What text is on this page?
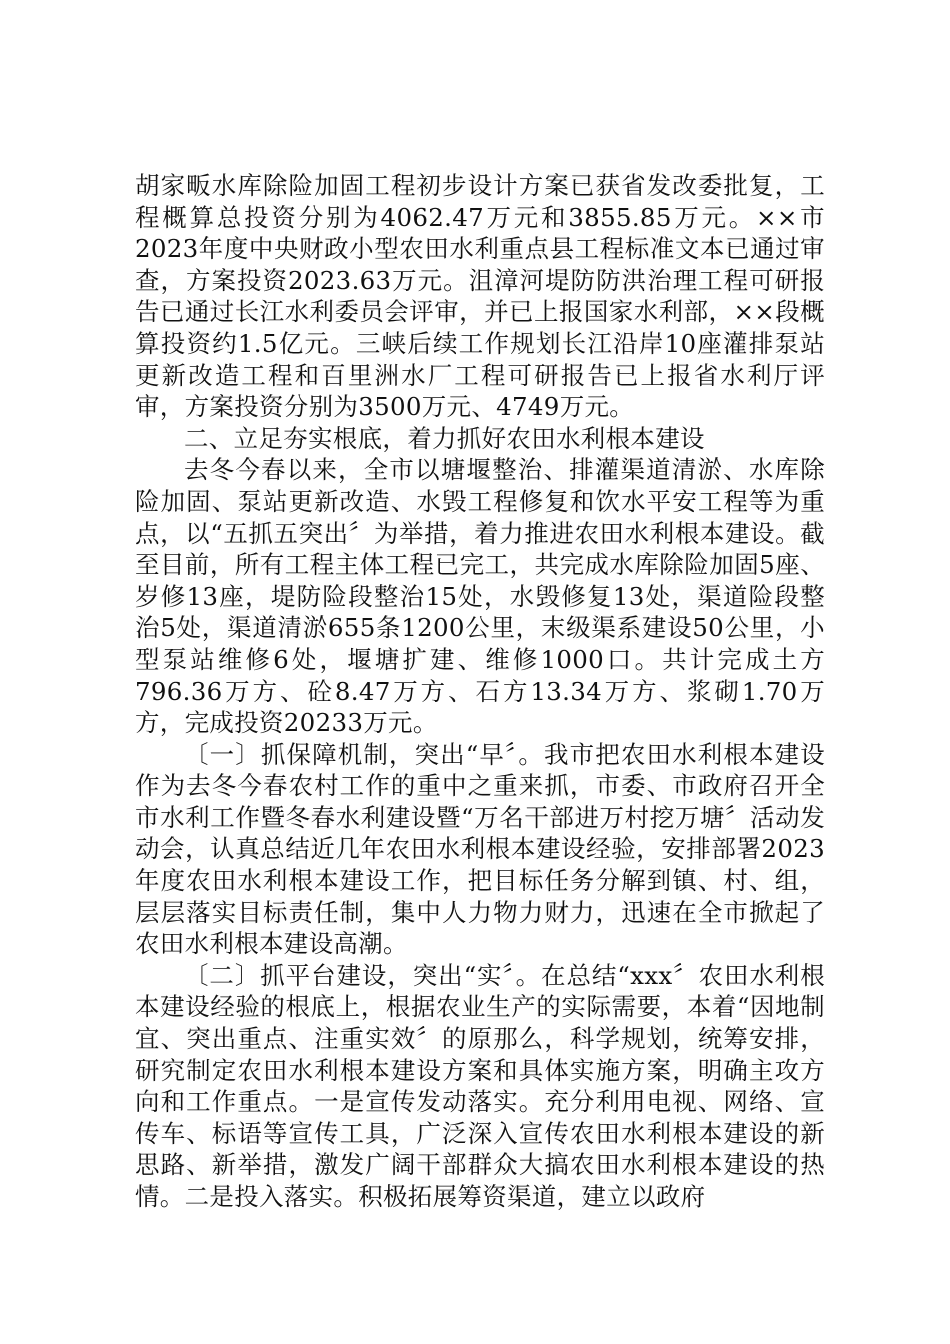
胡家畈水库除险加固工程初步设计方案已获省发改委批复，工程概算总投资分别为4062.47万元和3855.85万元。××市2023年度中央财政小型农田水利重点县工程标准文本已通过审查，方案投资2023.63万元。沮漳河堤防防洪治理工程可研报告已通过长江水利委员会评审，并已上报国家水利部，××段概算投资约1.5亿元。三峡后续工作规划长江沿岸10座灌排泵站更新改造工程和百里洲水厂工程可研报告已上报省水利厅评审，方案投资分别为3500万元、4749万元。

二、立足夯实根底，着力抓好农田水利根本建设

去冬今春以来，全市以塘堰整治、排灌渠道清淤、水库除险加固、泵站更新改造、水毁工程修复和饮水平安工程等为重点，以“五抓五突出〞为举措，着力推进农田水利根本建设。截至目前，所有工程主体工程已完工，共完成水库除险加固5座、岁修13座，堤防险段整治15处，水毁修复13处，渠道险段整治5处，渠道清淤655条1200公里，末级渠系建设50公里，小型泵站维修6处，堰塘扩建、维修1000口。共计完成土方796.36万方、砼8.47万方、石方13.34万方、浆砌1.70万方，完成投资20233万元。

〔一〕抓保障机制，突出“早〞。我市把农田水利根本建设作为去冬今春农村工作的重中之重来抓，市委、市政府召开全市水利工作暨冬春水利建设暨“万名干部进万村挖万塘〞活动发动会，认真总结近几年农田水利根本建设经验，安排部署2023年度农田水利根本建设工作，把目标任务分解到镇、村、组，层层落实目标责任制，集中人力物力财力，迅速在全市掀起了农田水利根本建设高潮。

〔二〕抓平台建设，突出“实〞。在总结“xxx〞农田水利根本建设经验的根底上，根据农业生产的实际需要，本着“因地制宜、突出重点、注重实效〞的原那么，科学规划，统筹安排，研究制定农田水利根本建设方案和具体实施方案，明确主攻方向和工作重点。一是宣传发动落实。充分利用电视、网络、宣传车、标语等宣传工具，广泛深入宣传农田水利根本建设的新思路、新举措，激发广阔干部群众大搞农田水利根本建设的热情。二是投入落实。积极拓展筹资渠道，建立以政府
